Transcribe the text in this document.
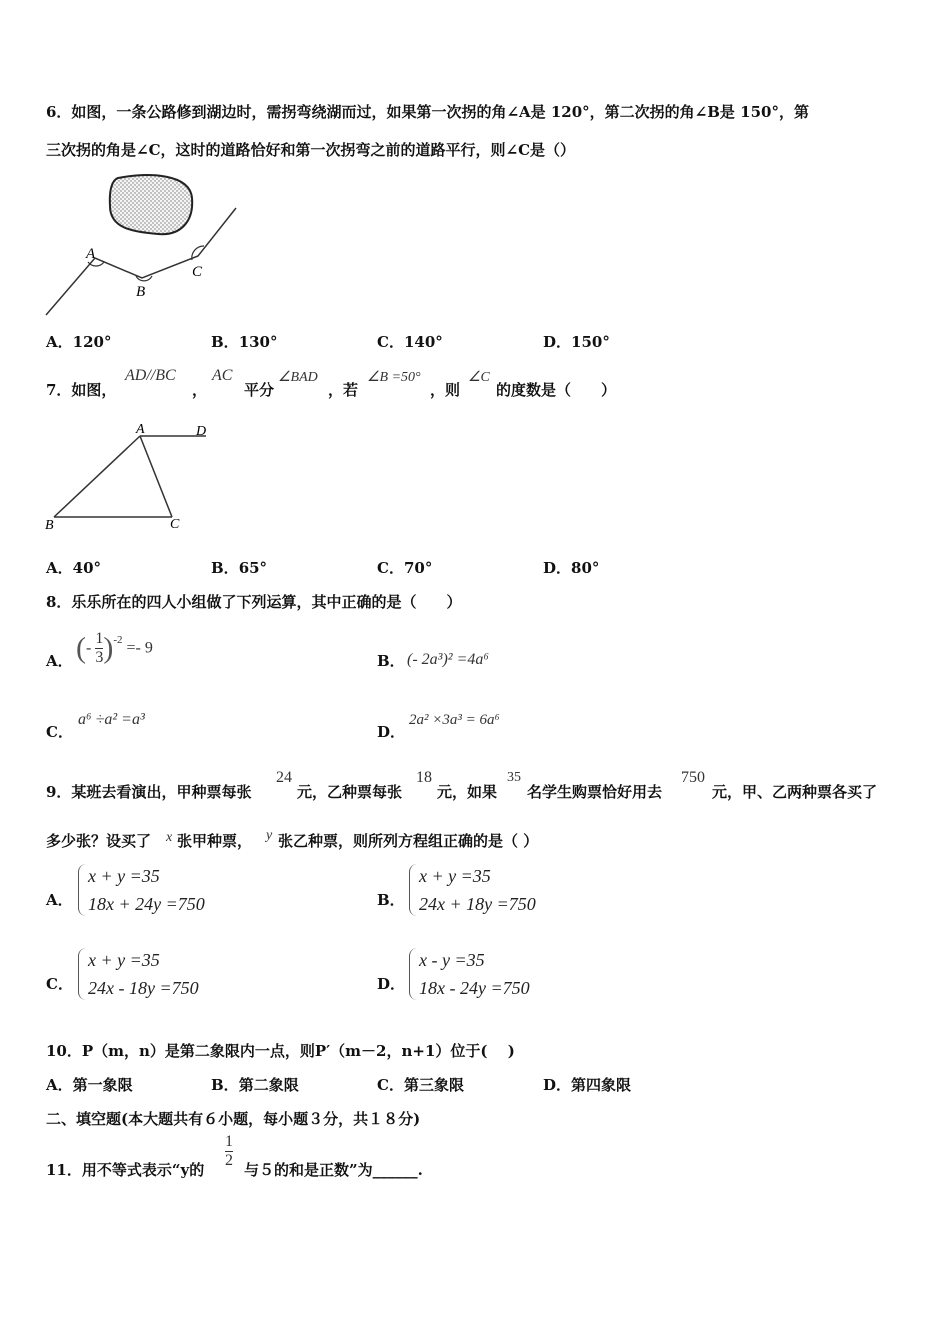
6．如图，一条公路修到湖边时，需拐弯绕湖而过，如果第一次拐的角∠A是 120°，第二次拐的角∠B是 150°，第
三次拐的角是∠C，这时的道路恰好和第一次拐弯之前的道路平行，则∠C是（）
A
B
C
A．120°	B．130°	C．140°	D．150°
7．如图，
AD//BC
，
AC
平分
∠BAD
，若
∠B =50°
，则
∠C
的度数是（　　）
A	D
B	C
A．40°	B．65°	C．70°	D．80°
8．乐乐所在的四人小组做了下列运算，其中正确的是（　　）
A． (- $\frac{1}{3} )^{-2} =- 9$
B． (- 2a³)² =4a⁶
C．
a⁶ ÷a² =a³
D．
2a² ×3a³ = 6a⁶
9．某班去看演出，甲种票每张
24
元，乙种票每张
18
元，如果
35
名学生购票恰好用去
750
元，甲、乙两种票各买了
多少张？设买了 x 张甲种票， y 张乙种票，则所列方程组正确的是（ ）
A．
x + y =35
18x + 24y =750	B．
x + y =35
24x + 18y =750
C．
x + y =35
24x - 18y =750	D．
x - y =35
18x - 24y =750
10．P（m，n）是第二象限内一点，则P′（m－2，n+1）位于(　 )
A．第一象限	B．第二象限	C．第三象限	D．第四象限
二、填空题(本大题共有６小题，每小题３分，共１８分)
11．用不等式表示“y的 $\frac{1}{2}$ 与５的和是正数”为______.
